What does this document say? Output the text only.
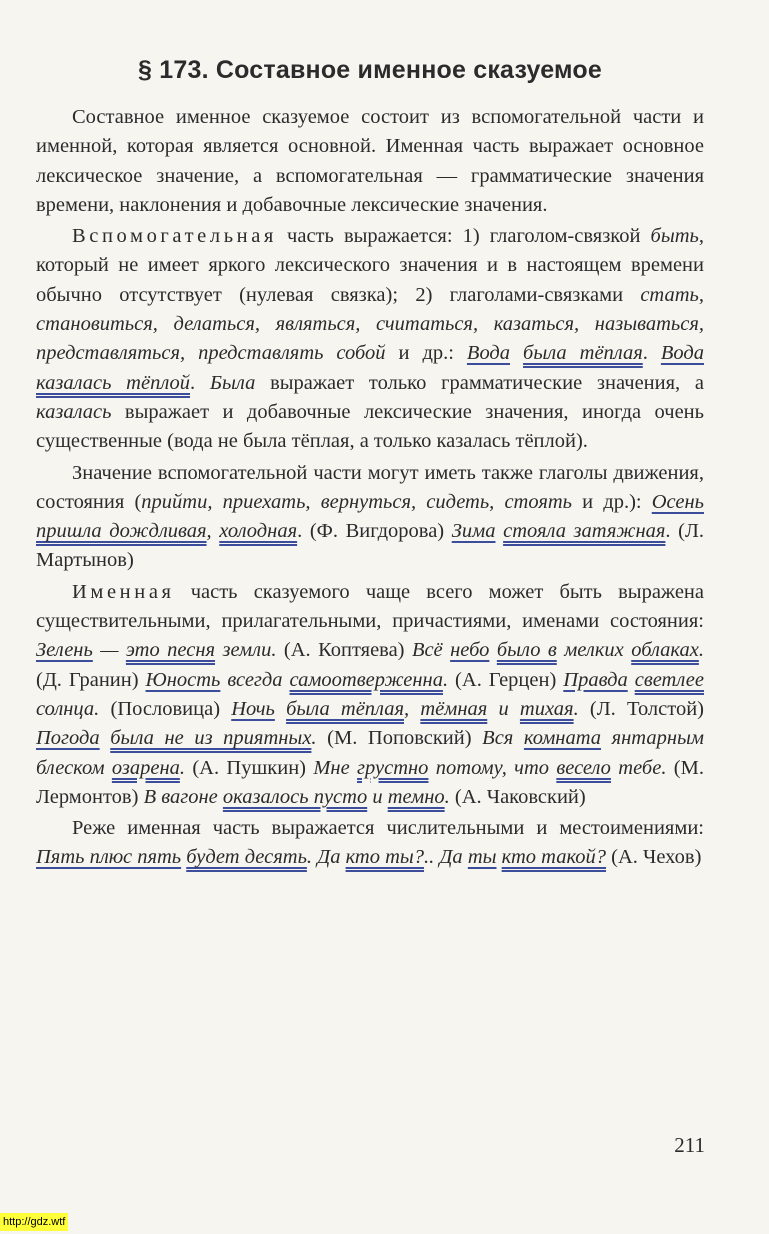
§ 173. Составное именное сказуемое

Составное именное сказуемое состоит из вспомогательной части и именной, которая является основной. Именная часть выражает основное лексическое значение, а вспомогательная — грамматические значения времени, наклонения и добавочные лексические значения.

Вспомогательная часть выражается: 1) глаголом-связкой быть, который не имеет яркого лексического значения и в настоящем времени обычно отсутствует (нулевая связка); 2) глаголами-связками стать, становиться, делаться, являться, считаться, казаться, называться, представляться, представлять собой и др.: Вода была тёплая. Вода казалась тёплой. Была выражает только грамматические значения, а казалась выражает и добавочные лексические значения, иногда очень существенные (вода не была тёплая, а только казалась тёплой).

Значение вспомогательной части могут иметь также глаголы движения, состояния (прийти, приехать, вернуться, сидеть, стоять и др.): Осень пришла дождливая, холодная. (Ф. Вигдорова) Зима стояла затяжная. (Л. Мартынов)

Именная часть сказуемого чаще всего может быть выражена существительными, прилагательными, причастиями, именами состояния: Зелень — это песня земли. (А. Коптяева) Всё небо было в мелких облаках. (Д. Гранин) Юность всегда самоотверженна. (А. Герцен) Правда светлее солнца. (Пословица) Ночь была тёплая, тёмная и тихая. (Л. Толстой) Погода была не из приятных. (М. Поповский) Вся комната янтарным блеском озарена. (А. Пушкин) Мне грустно потому, что весело тебе. (М. Лермонтов) В вагоне оказалось пусто и темно. (А. Чаковский)

Реже именная часть выражается числительными и местоимениями: Пять плюс пять будет десять. Да кто ты?.. Да ты кто такой? (А. Чехов)

211
http://gdz.wtf
